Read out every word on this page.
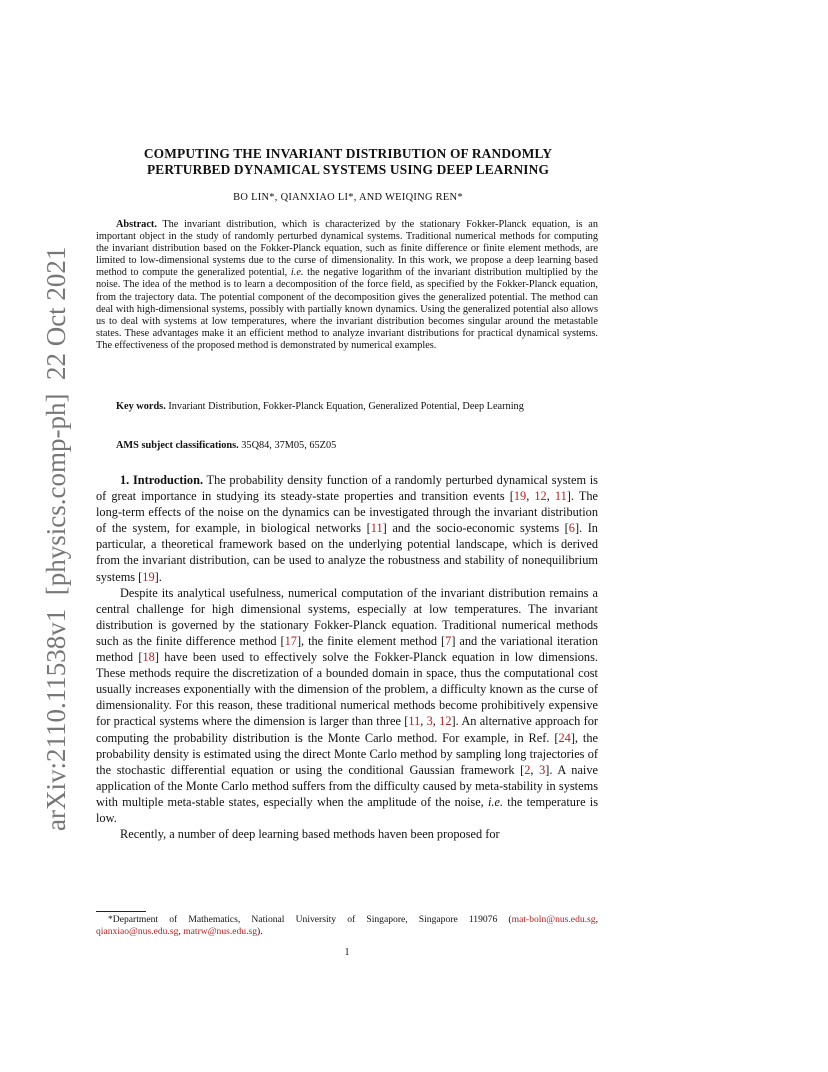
arXiv:2110.11538v1  [physics.comp-ph]  22 Oct 2021
COMPUTING THE INVARIANT DISTRIBUTION OF RANDOMLY
PERTURBED DYNAMICAL SYSTEMS USING DEEP LEARNING
BO LIN*, QIANXIAO LI*, AND WEIQING REN*
Abstract. The invariant distribution, which is characterized by the stationary Fokker-Planck equation, is an important object in the study of randomly perturbed dynamical systems. Traditional numerical methods for computing the invariant distribution based on the Fokker-Planck equation, such as finite difference or finite element methods, are limited to low-dimensional systems due to the curse of dimensionality. In this work, we propose a deep learning based method to compute the generalized potential, i.e. the negative logarithm of the invariant distribution multiplied by the noise. The idea of the method is to learn a decomposition of the force field, as specified by the Fokker-Planck equation, from the trajectory data. The potential component of the decomposition gives the generalized potential. The method can deal with high-dimensional systems, possibly with partially known dynamics. Using the generalized potential also allows us to deal with systems at low temperatures, where the invariant distribution becomes singular around the metastable states. These advantages make it an efficient method to analyze invariant distributions for practical dynamical systems. The effectiveness of the proposed method is demonstrated by numerical examples.
Key words. Invariant Distribution, Fokker-Planck Equation, Generalized Potential, Deep Learning
AMS subject classifications. 35Q84, 37M05, 65Z05

1. Introduction. The probability density function of a randomly perturbed dynamical system is of great importance in studying its steady-state properties and transition events [19, 12, 11]. The long-term effects of the noise on the dynamics can be investigated through the invariant distribution of the system, for example, in biological networks [11] and the socio-economic systems [6]. In particular, a theoretical framework based on the underlying potential landscape, which is derived from the invariant distribution, can be used to analyze the robustness and stability of nonequilibrium systems [19].

Despite its analytical usefulness, numerical computation of the invariant distribution remains a central challenge for high dimensional systems, especially at low temperatures. The invariant distribution is governed by the stationary Fokker-Planck equation. Traditional numerical methods such as the finite difference method [17], the finite element method [7] and the variational iteration method [18] have been used to effectively solve the Fokker-Planck equation in low dimensions. These methods require the discretization of a bounded domain in space, thus the computational cost usually increases exponentially with the dimension of the problem, a difficulty known as the curse of dimensionality. For this reason, these traditional numerical methods become prohibitively expensive for practical systems where the dimension is larger than three [11, 3, 12]. An alternative approach for computing the probability distribution is the Monte Carlo method. For example, in Ref. [24], the probability density is estimated using the direct Monte Carlo method by sampling long trajectories of the stochastic differential equation or using the conditional Gaussian framework [2, 3]. A naive application of the Monte Carlo method suffers from the difficulty caused by meta-stability in systems with multiple meta-stable states, especially when the amplitude of the noise, i.e. the temperature is low.

Recently, a number of deep learning based methods haven been proposed for

*Department of Mathematics, National University of Singapore, Singapore 119076 (mat-boln@nus.edu.sg, qianxiao@nus.edu.sg, matrw@nus.edu.sg).
1
